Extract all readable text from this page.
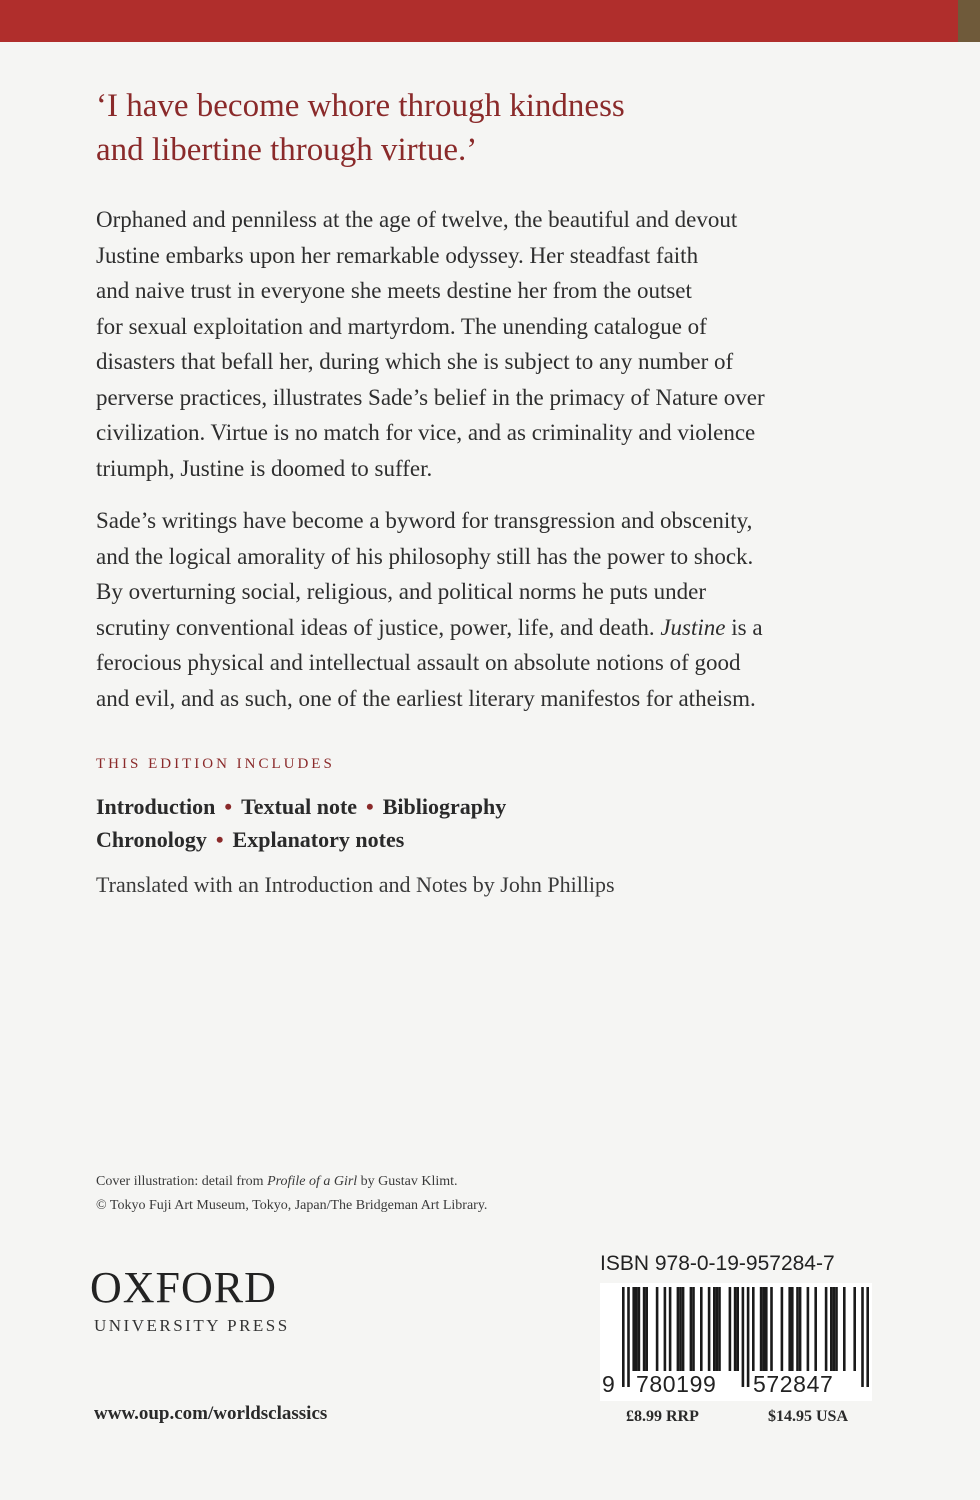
‘I have become whore through kindness
and libertine through virtue.’
Orphaned and penniless at the age of twelve, the beautiful and devout
Justine embarks upon her remarkable odyssey. Her steadfast faith
and naive trust in everyone she meets destine her from the outset
for sexual exploitation and martyrdom. The unending catalogue of
disasters that befall her, during which she is subject to any number of
perverse practices, illustrates Sade’s belief in the primacy of Nature over
civilization. Virtue is no match for vice, and as criminality and violence
triumph, Justine is doomed to suffer.
Sade’s writings have become a byword for transgression and obscenity,
and the logical amorality of his philosophy still has the power to shock.
By overturning social, religious, and political norms he puts under
scrutiny conventional ideas of justice, power, life, and death. Justine is a
ferocious physical and intellectual assault on absolute notions of good
and evil, and as such, one of the earliest literary manifestos for atheism.
THIS EDITION INCLUDES
Introduction • Textual note • Bibliography
Chronology • Explanatory notes
Translated with an Introduction and Notes by John Phillips
Cover illustration: detail from Profile of a Girl by Gustav Klimt.
© Tokyo Fuji Art Museum, Tokyo, Japan/The Bridgeman Art Library.
OXFORD
UNIVERSITY PRESS
www.oup.com/worldsclassics
ISBN 978-0-19-957284-7
9 780199 572847
£8.99 RRP	$14.95 USA
